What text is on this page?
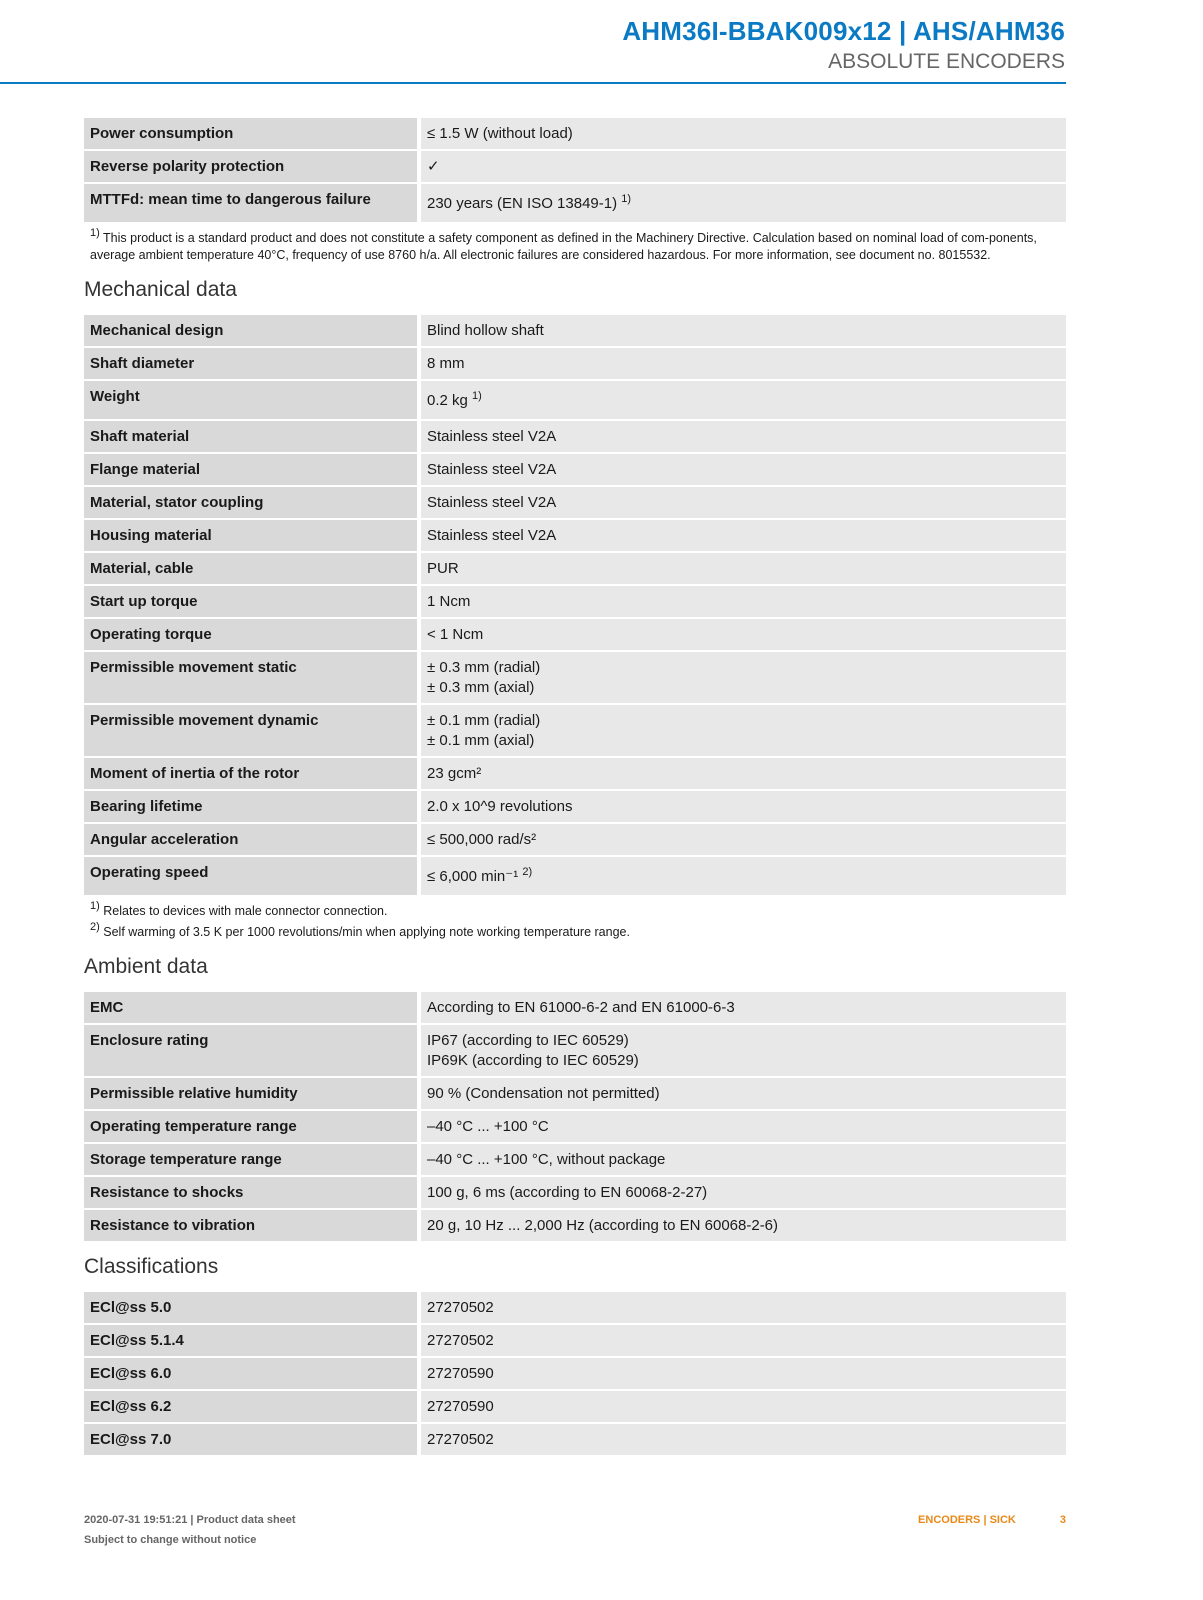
AHM36I-BBAK009x12 | AHS/AHM36
ABSOLUTE ENCODERS
Power consumption	≤ 1.5 W (without load)

Reverse polarity protection	✓

MTTFd: mean time to dangerous failure	230 years (EN ISO 13849-1) $^{1)}$

$^{1)}$ This product is a standard product and does not constitute a safety component as defined in the Machinery Directive. Calculation based on nominal load of com-ponents, average ambient temperature 40°C, frequency of use 8760 h/a. All electronic failures are considered hazardous. For more information, see document no. 8015532.

Mechanical data
Mechanical design	Blind hollow shaft

Shaft diameter	8 mm

Weight	0.2 kg $^{1)}$

Shaft material	Stainless steel V2A

Flange material	Stainless steel V2A

Material, stator coupling	Stainless steel V2A

Housing material	Stainless steel V2A

Material, cable	PUR

Start up torque	1 Ncm

Operating torque	< 1 Ncm

Permissible movement static	± 0.3 mm (radial)
± 0.3 mm (axial)

Permissible movement dynamic	± 0.1 mm (radial)
± 0.1 mm (axial)

Moment of inertia of the rotor	23 gcm²

Bearing lifetime	2.0 x 10^9 revolutions

Angular acceleration	≤ 500,000 rad/s²

Operating speed	≤ 6,000 min⁻¹ $^{2)}$

$^{1)}$ Relates to devices with male connector connection.

$^{2)}$ Self warming of 3.5 K per 1000 revolutions/min when applying note working temperature range.

Ambient data
EMC	According to EN 61000-6-2 and EN 61000-6-3

Enclosure rating	IP67 (according to IEC 60529)
IP69K (according to IEC 60529)

Permissible relative humidity	90 % (Condensation not permitted)

Operating temperature range	–40 °C ... +100 °C

Storage temperature range	–40 °C ... +100 °C, without package

Resistance to shocks	100 g, 6 ms (according to EN 60068-2-27)

Resistance to vibration	20 g, 10 Hz ... 2,000 Hz (according to EN 60068-2-6)
Classifications
ECl@ss 5.0	27270502

ECl@ss 5.1.4	27270502

ECl@ss 6.0	27270590

ECl@ss 6.2	27270590

ECl@ss 7.0	27270502
2020-07-31 19:51:21 | Product data sheet
Subject to change without notice
ENCODERS | SICK	3
